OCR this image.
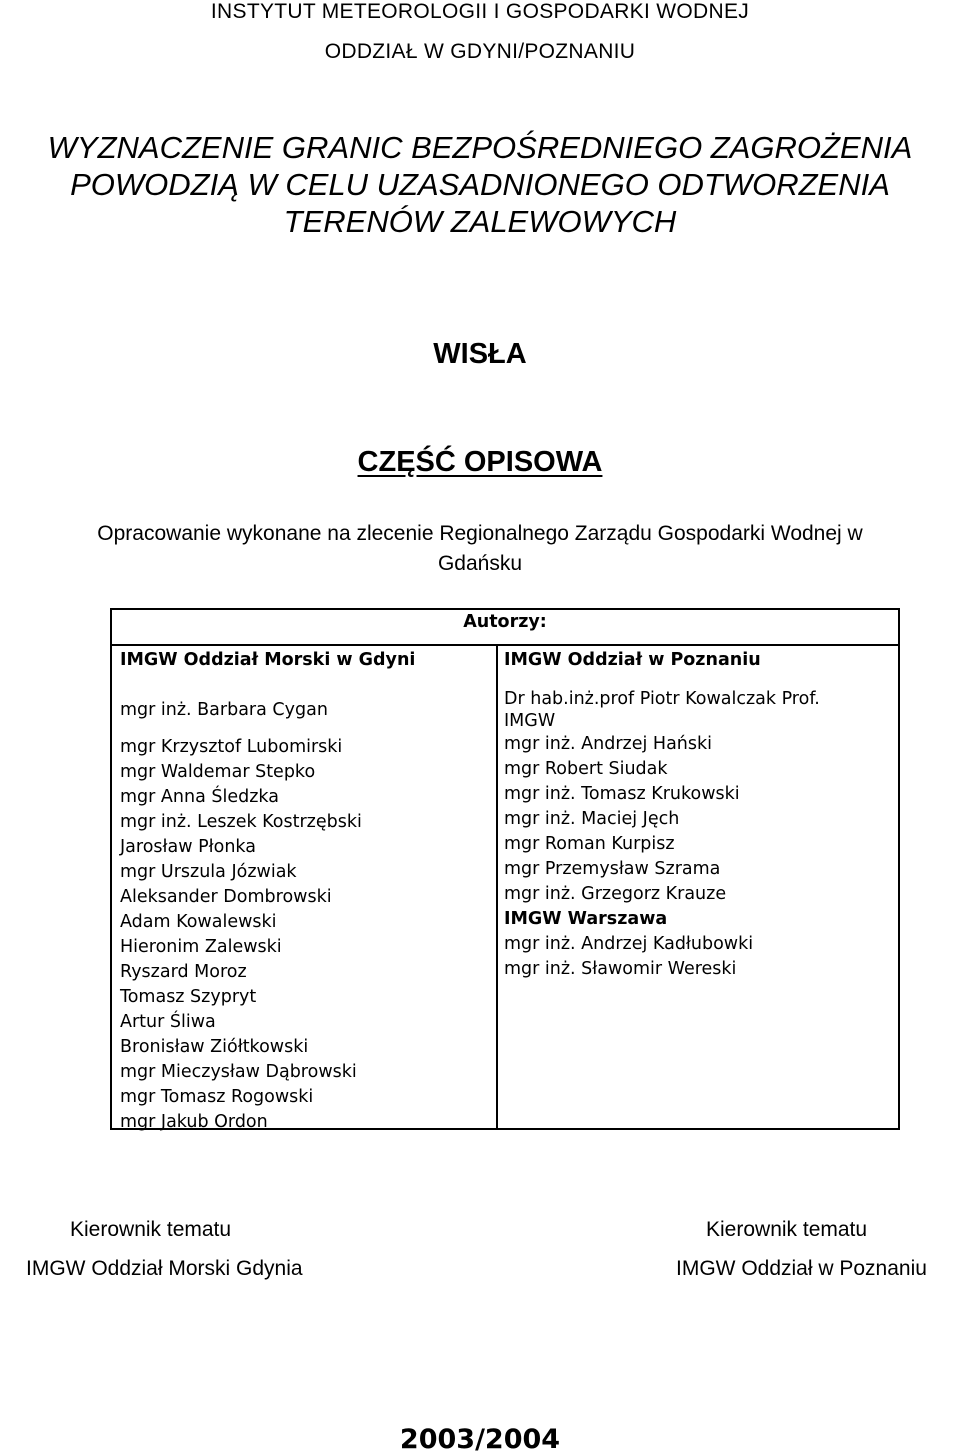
INSTYTUT METEOROLOGII I GOSPODARKI WODNEJ
ODDZIAŁ W GDYNI/POZNANIU
WYZNACZENIE GRANIC BEZPOŚREDNIEGO ZAGROŻENIA
POWODZIĄ W CELU UZASADNIONEGO ODTWORZENIA
TERENÓW ZALEWOWYCH
WISŁA
CZĘŚĆ OPISOWA
Opracowanie wykonane na zlecenie Regionalnego Zarządu Gospodarki Wodnej w
Gdańsku
Autorzy:
IMGW Oddział Morski w Gdyni
mgr inż. Barbara Cygan
mgr Krzysztof Lubomirski
mgr Waldemar Stepko
mgr Anna Śledzka
mgr inż. Leszek Kostrzębski
Jarosław Płonka
mgr Urszula Józwiak
Aleksander Dombrowski
Adam Kowalewski
Hieronim Zalewski
Ryszard Moroz
Tomasz Szypryt
Artur Śliwa
Bronisław Ziółtkowski
mgr Mieczysław Dąbrowski
mgr Tomasz Rogowski
mgr Jakub Ordon
IMGW Oddział w Poznaniu
Dr hab.inż.prof Piotr Kowalczak Prof. IMGW
mgr inż. Andrzej Hański
mgr Robert Siudak
mgr inż. Tomasz Krukowski
mgr inż. Maciej Jęch
mgr Roman Kurpisz
mgr Przemysław Szrama
mgr inż. Grzegorz Krauze
IMGW Warszawa
mgr inż. Andrzej Kadłubowki
mgr inż. Sławomir Wereski
Kierownik tematu
IMGW Oddział Morski Gdynia
Kierownik tematu
IMGW Oddział w Poznaniu
2003/2004
